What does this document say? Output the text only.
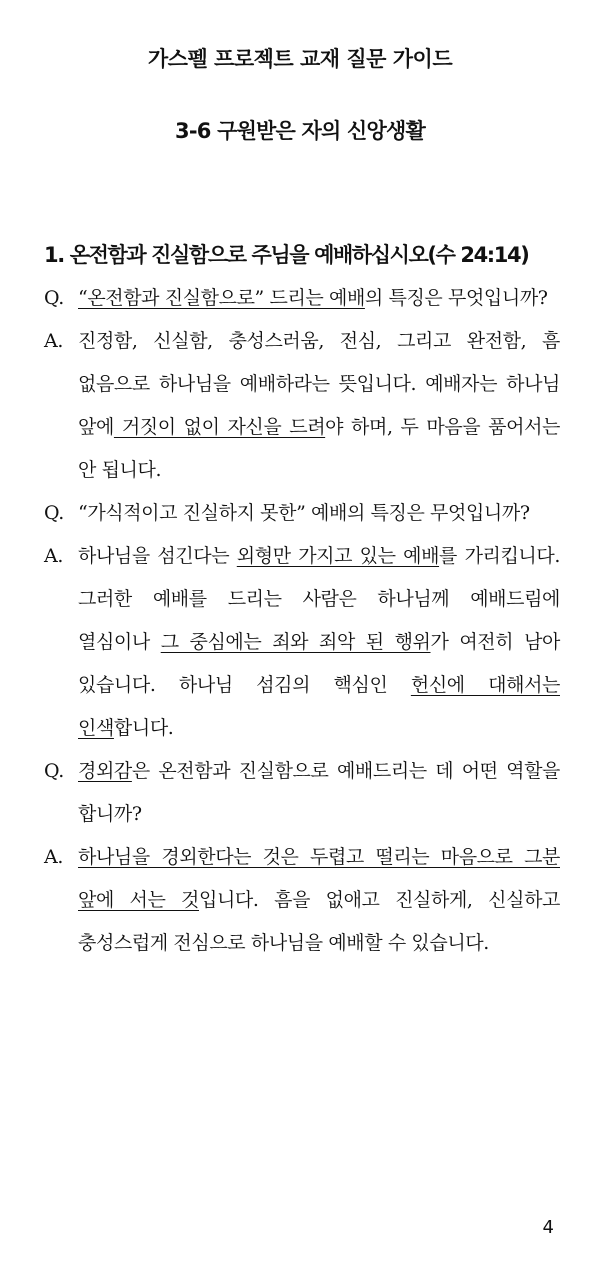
가스펠 프로젝트 교재 질문 가이드
3-6 구원받은 자의 신앙생활
1. 온전함과 진실함으로 주님을 예배하십시오(수 24:14)
Q. “온전함과 진실함으로” 드리는 예배의 특징은 무엇입니까?
A. 진정함, 신실함, 충성스러움, 전심, 그리고 완전함, 흠 없음으로 하나님을 예배하라는 뜻입니다. 예배자는 하나님 앞에 거짓이 없이 자신을 드려야 하며, 두 마음을 품어서는 안 됩니다.
Q. “가식적이고 진실하지 못한” 예배의 특징은 무엇입니까?
A. 하나님을 섬긴다는 외형만 가지고 있는 예배를 가리킵니다. 그러한 예배를 드리는 사람은 하나님께 예배드림에 열심이나 그 중심에는 죄와 죄악 된 행위가 여전히 남아 있습니다. 하나님 섬김의 핵심인 헌신에 대해서는 인색합니다.
Q. 경외감은 온전함과 진실함으로 예배드리는 데 어떤 역할을 합니까?
A. 하나님을 경외한다는 것은 두렵고 떨리는 마음으로 그분 앞에 서는 것입니다. 흠을 없애고 진실하게, 신실하고 충성스럽게 전심으로 하나님을 예배할 수 있습니다.
4
